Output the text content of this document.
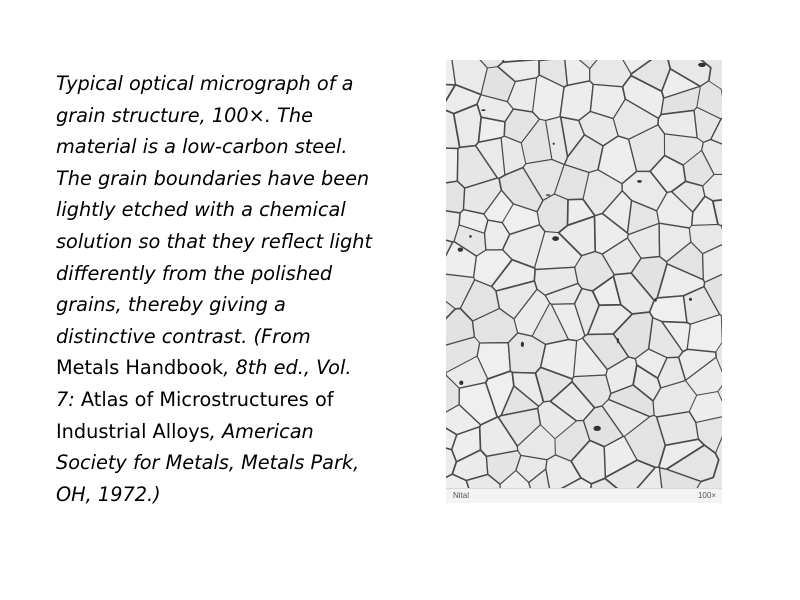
Typical optical micrograph of a
grain structure, 100×. The
material is a low-carbon steel.
The grain boundaries have been
lightly etched with a chemical
solution so that they reflect light
differently from the polished
grains, thereby giving a
distinctive contrast. (From
Metals Handbook, 8th ed., Vol.
7: Atlas of Microstructures of
Industrial Alloys, American
Society for Metals, Metals Park,
OH, 1972.)	Nital	100×
